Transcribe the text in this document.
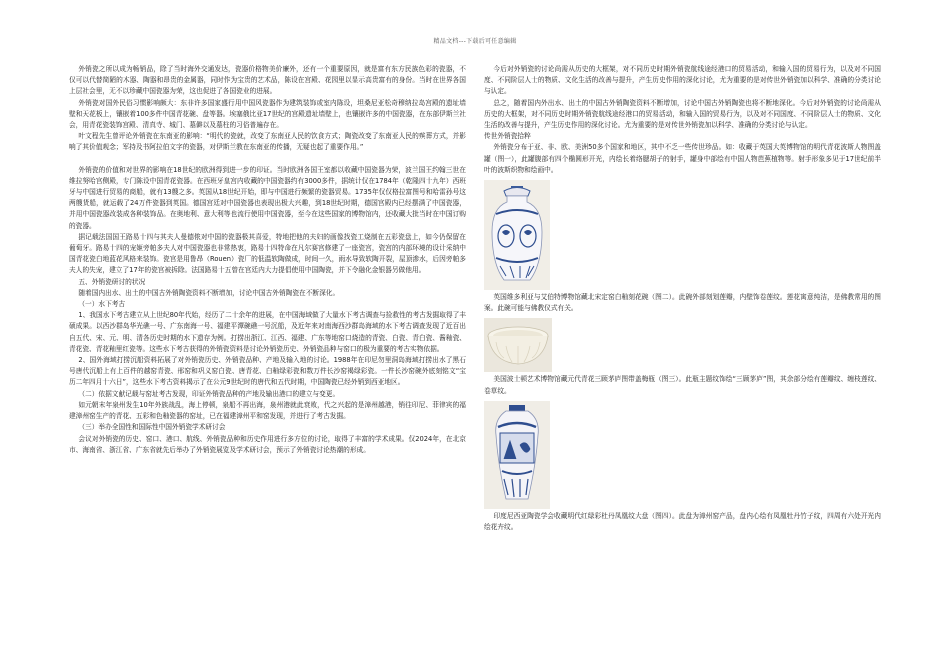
精品文档---下载后可任意编辑

外销瓷之所以成为畅销品，除了当时海外交通发达，瓷器价格物美价廉外，还有一个重要原因，就是富有东方民族色彩的瓷器，不仅可以代替简陋的木器、陶器和昂贵的金属器，同时作为宝贵的艺术品，陈设在宫殿、花园里以显示高贵富有的身份。当时在世界各国上层社会里，无不以珍藏中国瓷器为荣，这也促进了各国瓷业的进展。

外销瓷对国外民俗习惯影响颇大：东非许多国家盛行用中国风瓷器作为建筑装饰或室内陈设，坦桑尼亚松奇穆纳拉岛宫殿的遗址墙壁和天花板上，镶嵌着100多件中国青花碗、盘等器。埃塞俄比亚17世纪的宫殿遗址墙壁上，也镶嵌许多的中国瓷器，在东部伊斯兰社会，用青花瓷装饰宫殿、清真寺、城门、墓僻以及墓柱的习俗普遍存在。

叶文程先生曾评论外销瓷在东南亚的影响：“明代的瓷就，改变了东南亚人民的饮食方式；陶瓷改变了东南亚人民的殡葬方式，并影响了其价值观念；军持及书阿拉伯文字的瓷器，对伊斯兰教在东南亚的传播，无疑也起了重要作用。”

外销瓷的价值和对世界的影响在18世纪的欧洲得到进一步的印证。当时欧洲各国王室都以收藏中国瓷器为荣，波兰国王约翰三世在维拉努哈宫侧殿，专门陈设中国青花瓷器。在西班牙皇宫内收藏的中国瓷器约有3000多件，据统计仅在1784年（乾隆四十九年）西班牙与中国进行贸易的商船，就有13艘之多。英国从18世纪开始，即与中国进行频繁的瓷器贸易。1735年仅仅格拉富图号和哈雷孙号这两艘货船，就运载了24万件瓷器到英国。德国宫廷对中国瓷器也表现出极大兴趣，到18世纪时期，德国宫殿内已经摆满了中国瓷器，并用中国瓷器改装成各种装饰品。在奥地利、意大利等也流行使用中国瓷器，至今在这些国家的博物馆内，还收藏大批当时在中国订购的瓷器。

据记载法国国王路易十四与其夫人曼德侬对中国的瓷器极其喜爱，特地把他的夫妇的画像找瓷工烧制在五彩瓷盘上，如今仍保留在葡萄牙。路易十四的宠姬旁帕多夫人对中国瓷器也非常热衷，路易十四特命在凡尔赛宫修建了一座瓷宫，瓷宫的内部环境的设计采纳中国青花瓷白地蓝花风格来装饰。瓷宫是用鲁昂（Rouen）瓷厂的低温软陶做成，时间一久，雨水导致软陶开裂，屋顶渗水，后因旁帕多夫人的失宠，建立了17年的瓷宫被拆除。法国路易十五曾在宫廷内大力提倡使用中国陶瓷，并下令融化金银器另做他用。

五、外销瓷研讨的状况

随着国内出水、出土的中国古外销陶瓷资料不断增加，讨论中国古外销陶瓷在不断深化。

（一）水下考古

1、我国水下考古建立从上世纪80年代始，经历了二十余年的进展，在中国海域做了大量水下考古调查与捡救性的考古发掘取得了丰硕成果。以西沙群岛华光礁一号、广东南海一号、福建平潭碗礁一号沉船，及近年来对南海西沙群岛海域的水下考古调查发现了近百出自五代、宋、元、明、清各历史时期的水下遗存为例。打捞出浙江、江西、福建、广东等地窑口烧造的青瓷、白瓷、青白瓷、酱釉瓷、青花瓷、青花釉里红瓷等。这些水下考古获得的外销瓷资料是讨论外销瓷历史、外销瓷品种与窑口的极为重要的考古实物依据。

2、国外海域打捞沉船资料拓展了对外销瓷历史、外销瓷品种、产地及输入地的讨论。1988年在印尼勿里洞岛海域打捞出水了黑石号唐代沉船上有上百件的越窑青瓷、邢窑和巩义窑白瓷、唐青花、白釉绿彩瓷和数万件长沙窑褐绿彩瓷。一件长沙窑碗外底刻铭文“宝历二年四月十六日”，这些水下考古资料揭示了在公元9世纪时的唐代和五代时期，中国陶瓷已经外销到西亚地区。

（二）依据文献记载与窑址考古发现，印证外销瓷品种的产地及输出港口的建立与变更。

如元朝末年泉州发生10年外族战乱，海上停顿，泉船不再出海，泉州港就此衰败，代之兴起的是漳州越港，销往印尼、菲律宾的福建漳州窑生产的青花、五彩和色釉瓷器的窑址，已在福建漳州平和窑发现，并进行了考古发掘。

（三）举办全国性和国际性中国外销瓷学术研讨会

会议对外销瓷的历史、窑口、港口、航线、外销瓷品种和历史作用进行多方位的讨论，取得了丰富的学术成果。仅2024年，在北京市、海南省、浙江省、广东省就先后举办了外销瓷展览及学术研讨会，预示了外销瓷讨论热潮的形成。

今后对外销瓷的讨论尚需从历史的大框架，对不同历史时期外销瓷航线途经港口的贸易活动，和输入国的贸易行为，以及对不同国度、不同阶层人士的物质、文化生活的改善与提升，产生历史作用的深化讨论，尤为重要的是对传世外销瓷加以科学、准确的分类讨论与认定。

总之，随着国内外出水、出土的中国古外销陶瓷资料不断增加，讨论中国古外销陶瓷也将不断地深化。今后对外销瓷的讨论尚需从历史的大框架，对不同历史时期外销瓷航线途经港口的贸易活动，和输入国的贸易行为，以及对不同国度、不同阶层人士的物质、文化生活的改善与提升，产生历史作用的深化讨论。尤为重要的是对传世外销瓷加以科学、准确的分类讨论与认定。

传世外销瓷拾粹

外销瓷分布于亚、非、欧、美洲50多个国家和地区，其中不乏一些传世珍品。如：收藏于英国大英博物馆的明代青花波斯人物图盖罐（图一），此罐腹部有四个椭圆形开光，内绘长着络腮胡子的射手，罐身中部绘有中国人物芭蕉植物等。射手形象多见于17世纪前半叶的波斯织物和绘画中。

英国维多利亚与艾伯特博物馆藏北宋定窑白釉刻花碗（图二）。此碗外部刻划莲瓣，内壁饰卷莲纹。莲花寓意纯洁，是佛教常用的图案。此碗可能与佛教仪式有关。

美国波士顿艺术博物馆藏元代青花三顾茅庐图带盖梅瓶（图三）。此瓶主题纹饰绘“三顾茅庐”图，其余部分绘有莲瓣纹、缠枝莲纹、卷草纹。

印度尼西亚陶瓷学会收藏明代红绿彩杜丹凤凰纹大盘（图四）。此盘为漳州窑产品，盘内心绘有凤凰牡丹竹子纹，四周有六处开光内绘花卉纹。
